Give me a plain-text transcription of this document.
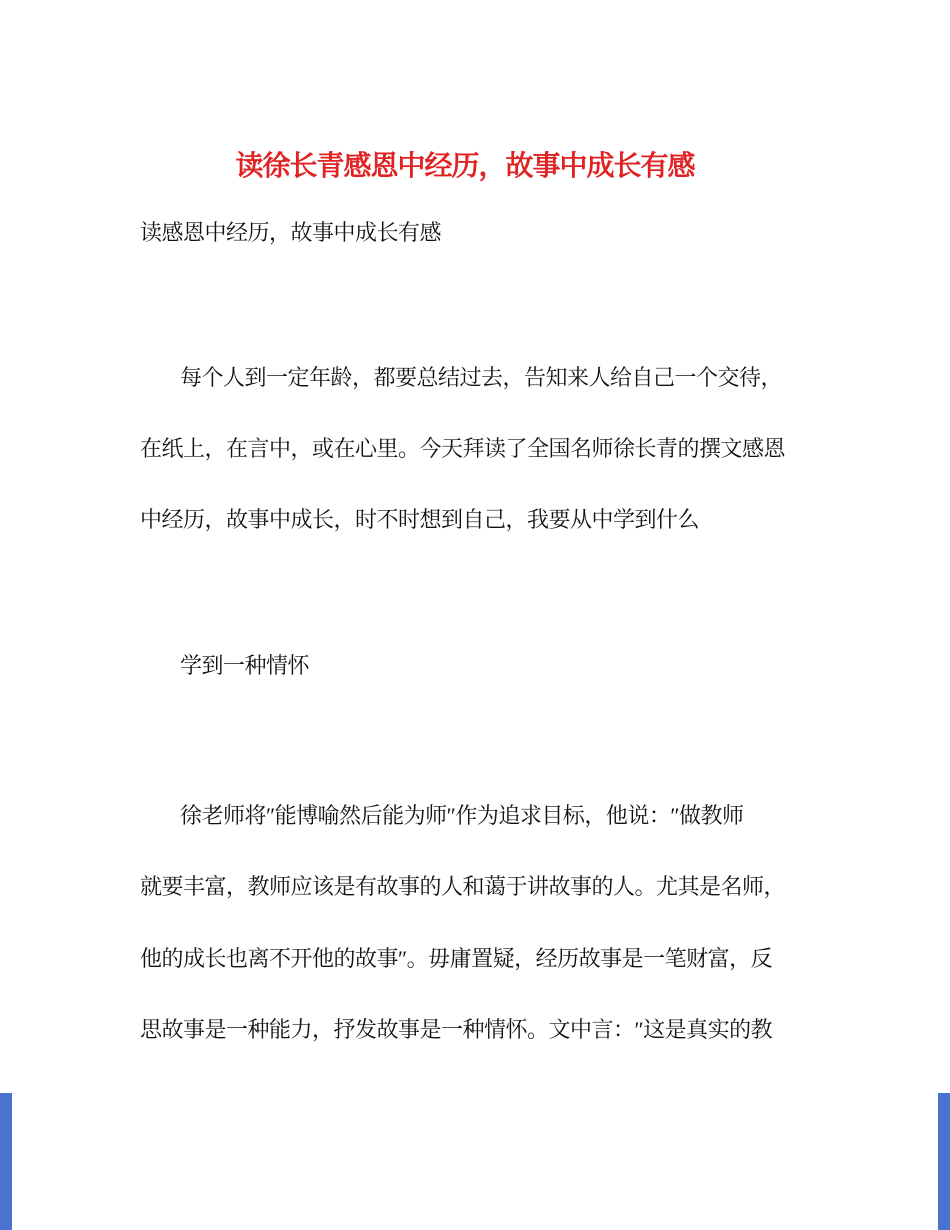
读徐长青感恩中经历，故事中成长有感
读感恩中经历，故事中成长有感
每个人到一定年龄，都要总结过去，告知来人给自己一个交待，
在纸上，在言中，或在心里。今天拜读了全国名师徐长青的撰文感恩
中经历，故事中成长，时不时想到自己，我要从中学到什么
学到一种情怀
徐老师将″能博喻然后能为师″作为追求目标，他说：″做教师
就要丰富，教师应该是有故事的人和蔼于讲故事的人。尤其是名师，
他的成长也离不开他的故事″。毋庸置疑，经历故事是一笔财富，反
思故事是一种能力，抒发故事是一种情怀。文中言：″这是真实的教
